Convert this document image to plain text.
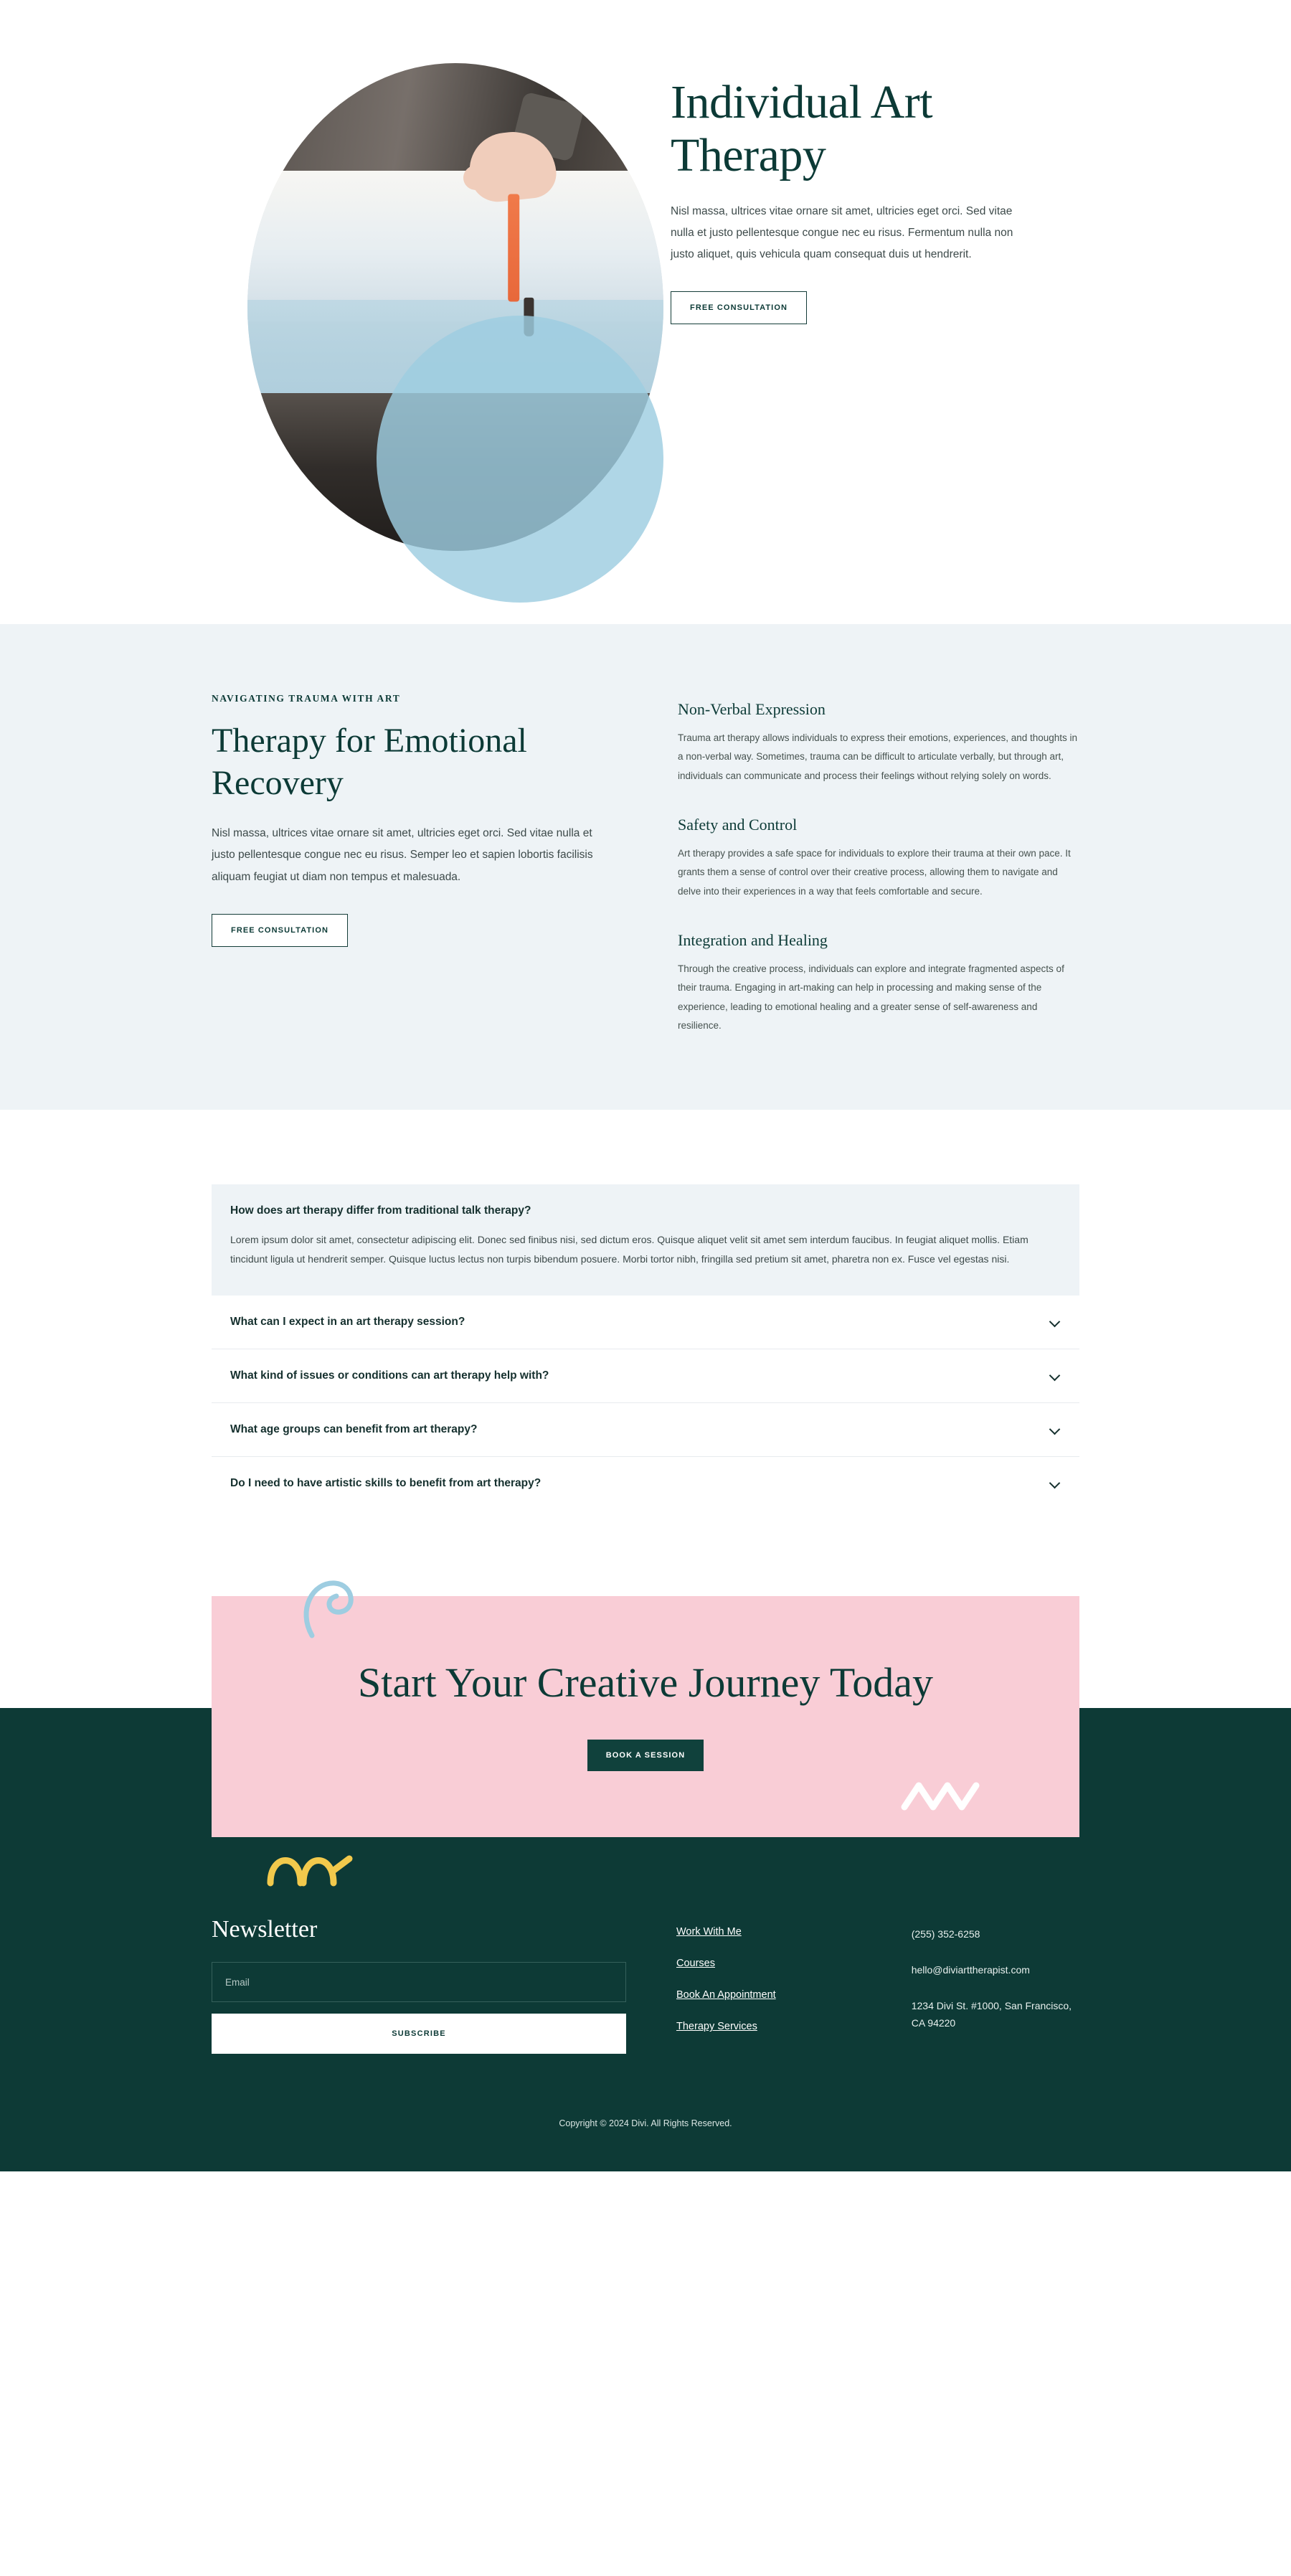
Individual Art Therapy

Nisl massa, ultrices vitae ornare sit amet, ultricies eget orci. Sed vitae nulla et justo pellentesque congue nec eu risus. Fermentum nulla non justo aliquet, quis vehicula quam consequat duis ut hendrerit.

FREE CONSULTATION
NAVIGATING TRAUMA WITH ART
Therapy for Emotional Recovery

Nisl massa, ultrices vitae ornare sit amet, ultricies eget orci. Sed vitae nulla et justo pellentesque congue nec eu risus. Semper leo et sapien lobortis facilisis aliquam feugiat ut diam non tempus et malesuada.

FREE CONSULTATION
Non-Verbal Expression

Trauma art therapy allows individuals to express their emotions, experiences, and thoughts in a non-verbal way. Sometimes, trauma can be difficult to articulate verbally, but through art, individuals can communicate and process their feelings without relying solely on words.

Safety and Control

Art therapy provides a safe space for individuals to explore their trauma at their own pace. It grants them a sense of control over their creative process, allowing them to navigate and delve into their experiences in a way that feels comfortable and secure.

Integration and Healing

Through the creative process, individuals can explore and integrate fragmented aspects of their trauma. Engaging in art-making can help in processing and making sense of the experience, leading to emotional healing and a greater sense of self-awareness and resilience.

How does art therapy differ from traditional talk therapy?

Lorem ipsum dolor sit amet, consectetur adipiscing elit. Donec sed finibus nisi, sed dictum eros. Quisque aliquet velit sit amet sem interdum faucibus. In feugiat aliquet mollis. Etiam tincidunt ligula ut hendrerit semper. Quisque luctus lectus non turpis bibendum posuere. Morbi tortor nibh, fringilla sed pretium sit amet, pharetra non ex. Fusce vel egestas nisi.

What can I expect in an art therapy session?
What kind of issues or conditions can art therapy help with?
What age groups can benefit from art therapy?
Do I need to have artistic skills to benefit from art therapy?
Start Your Creative Journey Today
BOOK A SESSION
Newsletter
Email SUBSCRIBE
Work With Me
Courses
Book An Appointment
Therapy Services
(255) 352-6258
hello@diviarttherapist.com
1234 Divi St. #1000, San Francisco, CA 94220
Copyright © 2024 Divi. All Rights Reserved.
